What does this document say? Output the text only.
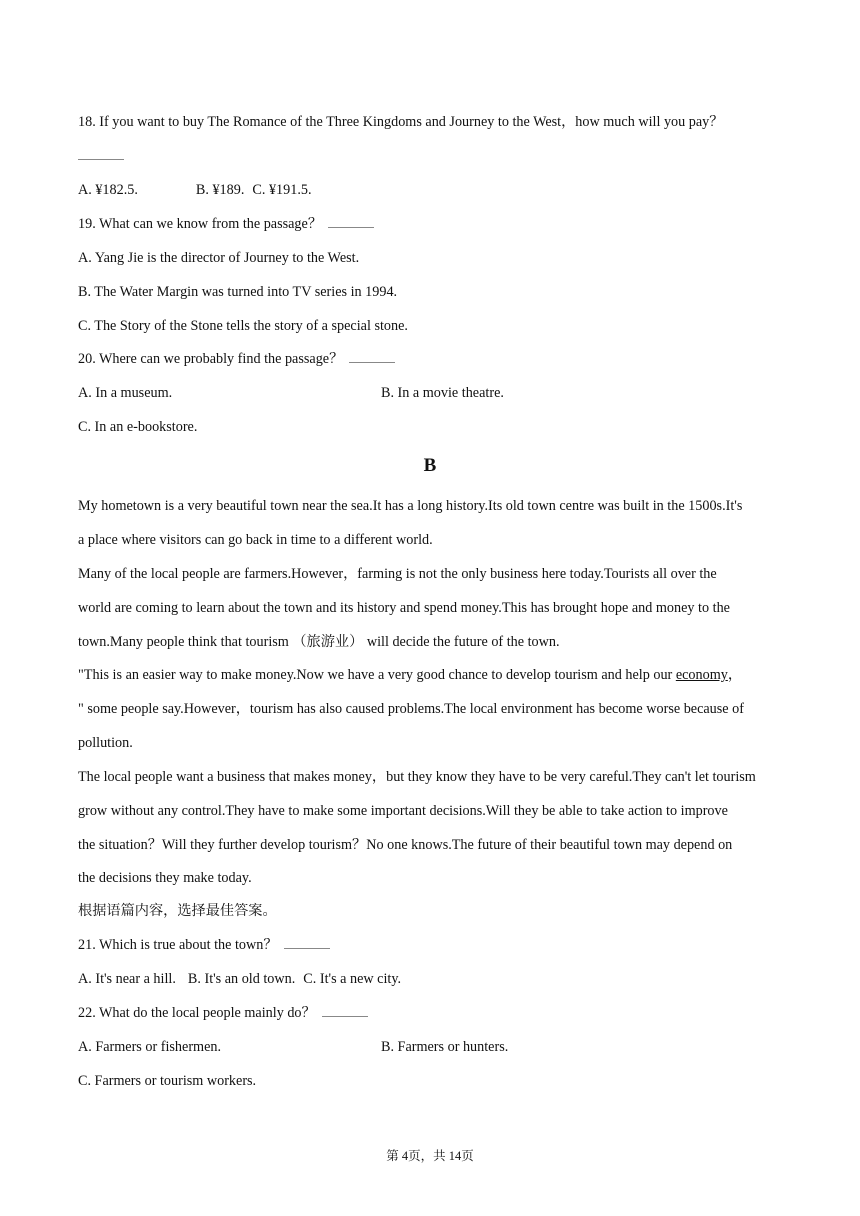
18. If you want to buy The Romance of the Three Kingdoms and Journey to the West，how much will you pay？
A. ¥182.5.	B. ¥189. C. ¥191.5.
19. What can we know from the passage？
A. Yang Jie is the director of Journey to the West.
B. The Water Margin was turned into TV series in 1994.
C. The Story of the Stone tells the story of a special stone.
20. Where can we probably find the passage？
A. In a museum.	B. In a movie theatre.
C. In an e-bookstore.
B
My hometown is a very beautiful town near the sea.It has a long history.Its old town centre was built in the 1500s.It's
a place where visitors can go back in time to a different world.
Many of the local people are farmers.However，farming is not the only business here today.Tourists all over the
world are coming to learn about the town and its history and spend money.This has brought hope and money to the
town.Many people think that tourism （旅游业） will decide the future of the town.
"This is an easier way to make money.Now we have a very good chance to develop tourism and help our economy，
" some people say.However，tourism has also caused problems.The local environment has become worse because of
pollution.
The local people want a business that makes money，but they know they have to be very careful.They can't let tourism
grow without any control.They have to make some important decisions.Will they be able to take action to improve
the situation？Will they further develop tourism？No one knows.The future of their beautiful town may depend on
the decisions they make today.
根据语篇内容，选择最佳答案。
21. Which is true about the town？
A. It's near a hill. B. It's an old town. C. It's a new city.
22. What do the local people mainly do？
A. Farmers or fishermen.	B. Farmers or hunters.
C. Farmers or tourism workers.
第 4页，共 14页
